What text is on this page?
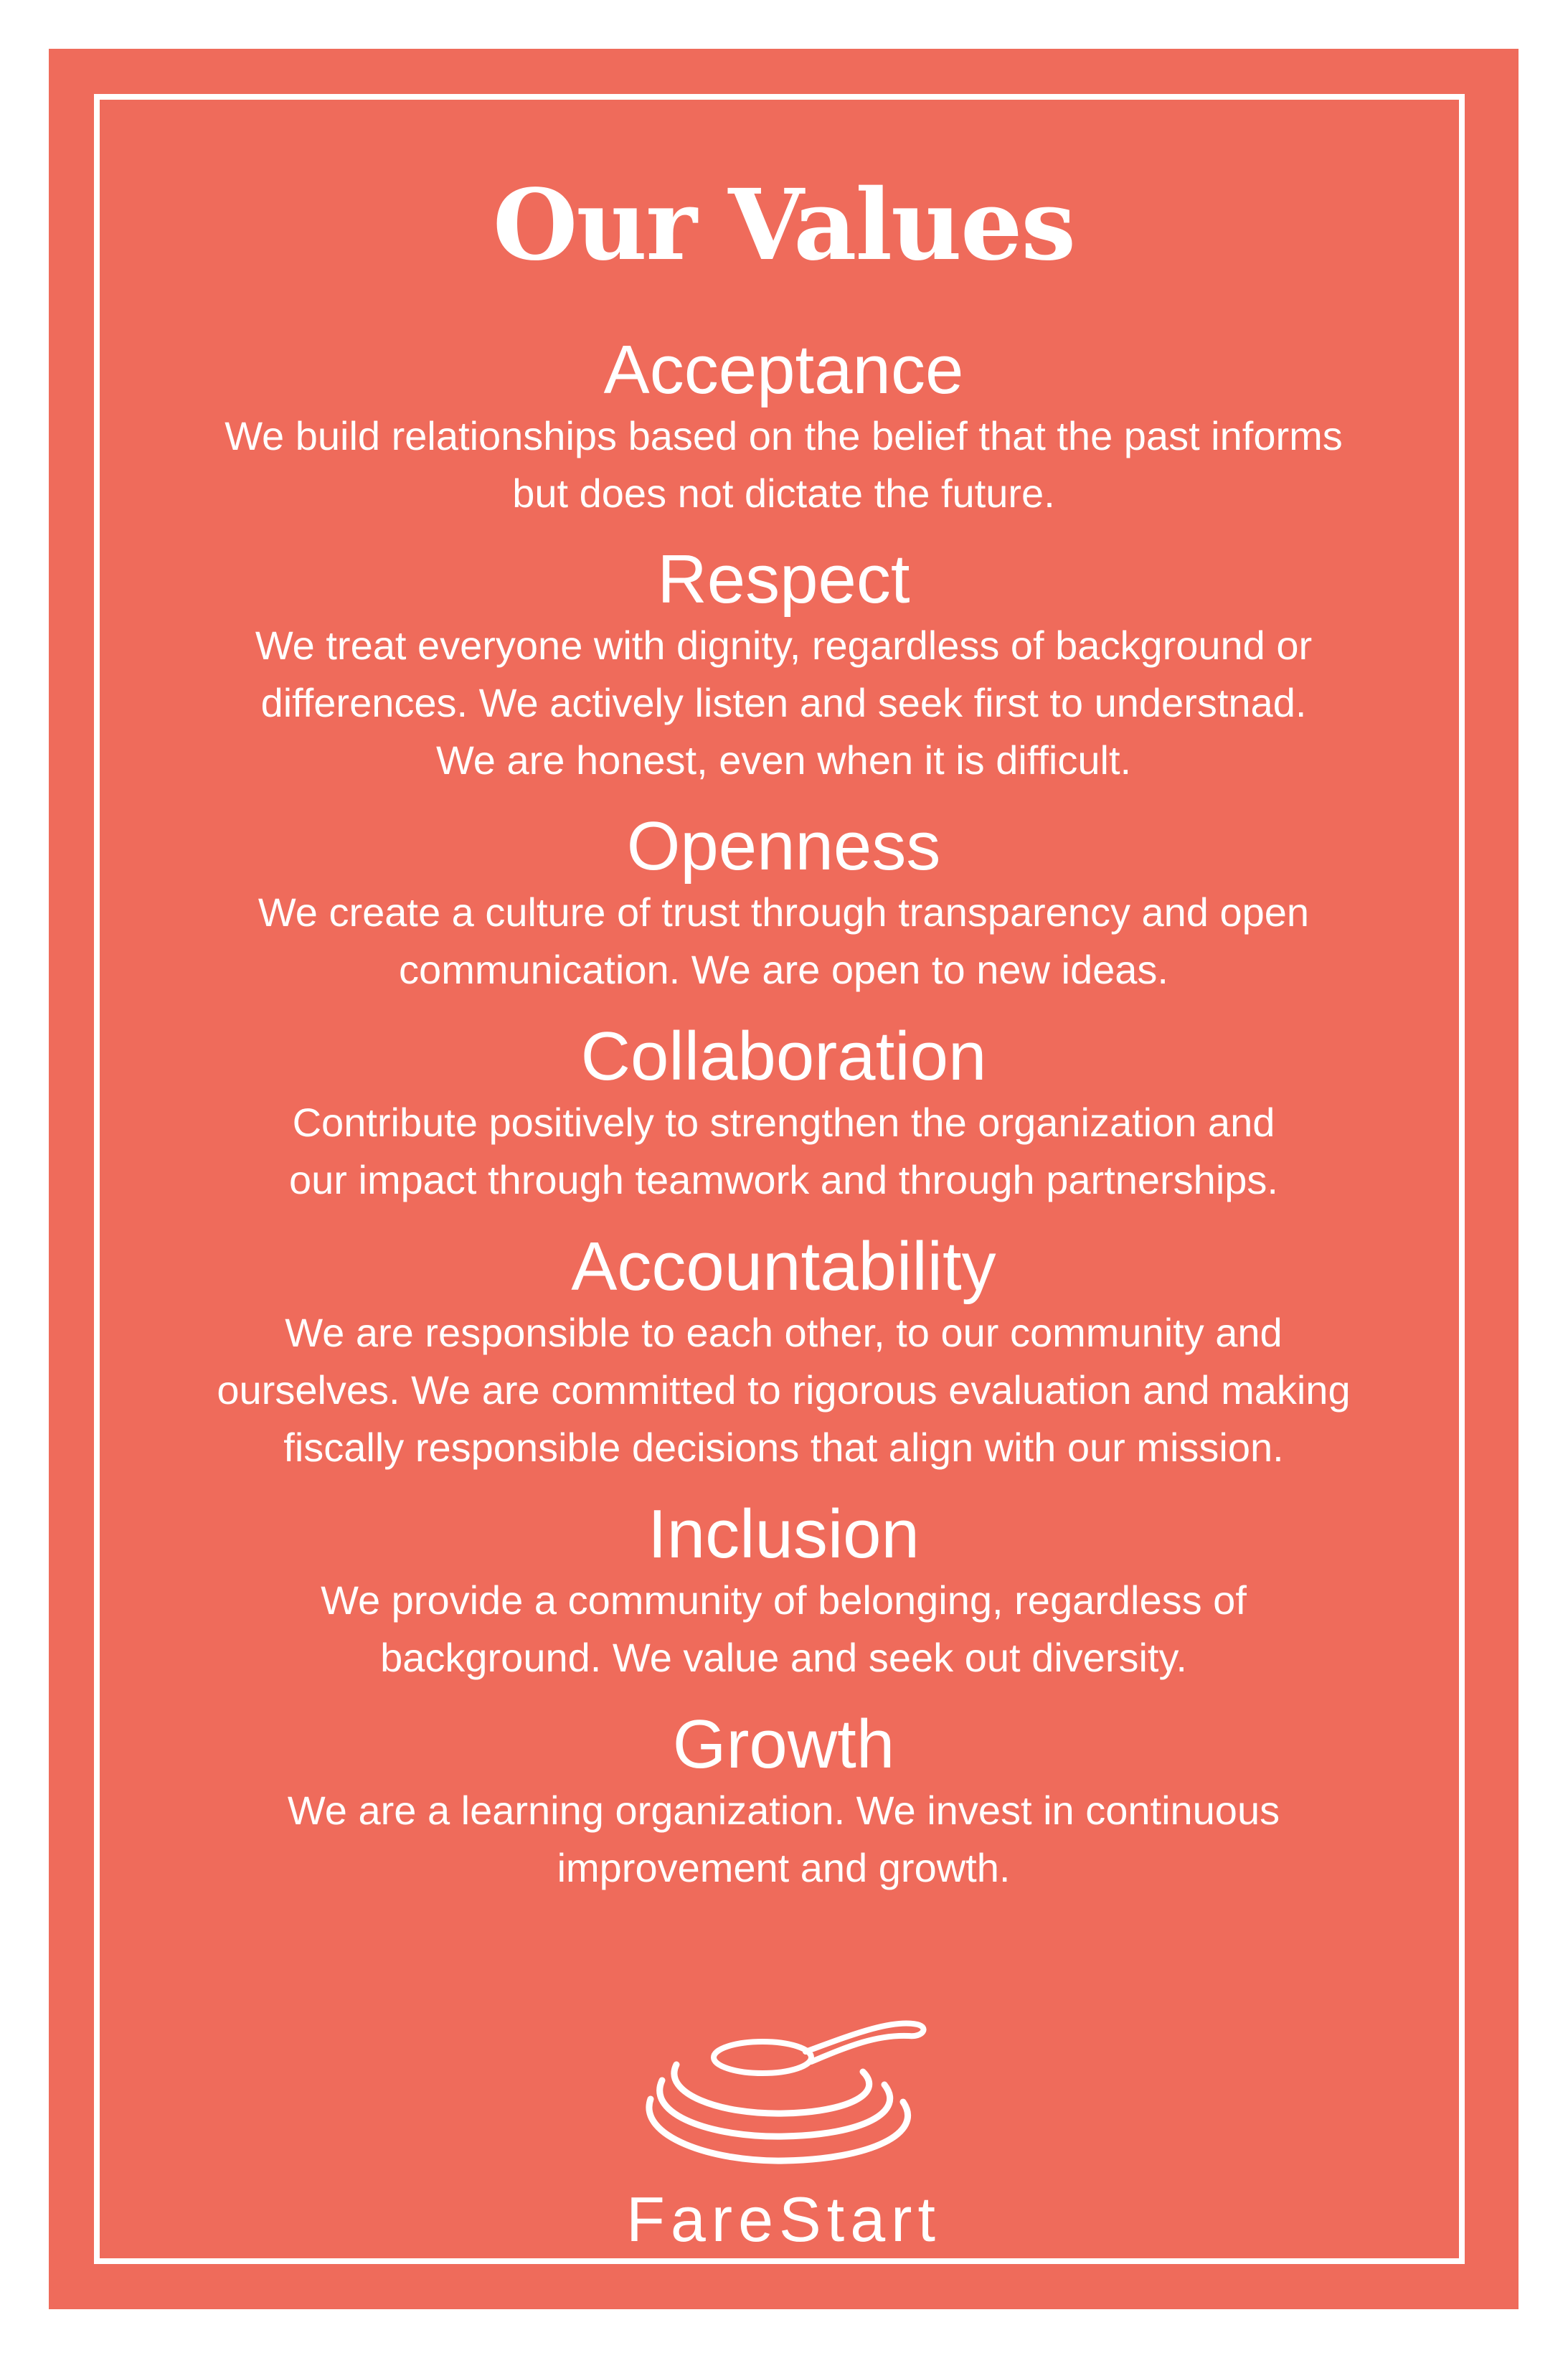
Our Values
Acceptance
We build relationships based on the belief that the past informs
but does not dictate the future.
Respect
We treat everyone with dignity, regardless of background or
differences. We actively listen and seek first to understnad.
We are honest, even when it is difficult.
Openness
We create a culture of trust through transparency and open
communication. We are open to new ideas.
Collaboration
Contribute positively to strengthen the organization and
our impact through teamwork and through partnerships.
Accountability
We are responsible to each other, to our community and
ourselves. We are committed to rigorous evaluation and making
fiscally responsible decisions that align with our mission.
Inclusion
We provide a community of belonging, regardless of
background. We value and seek out diversity.
Growth
We are a learning organization. We invest in continuous
improvement and growth.
FareStart
